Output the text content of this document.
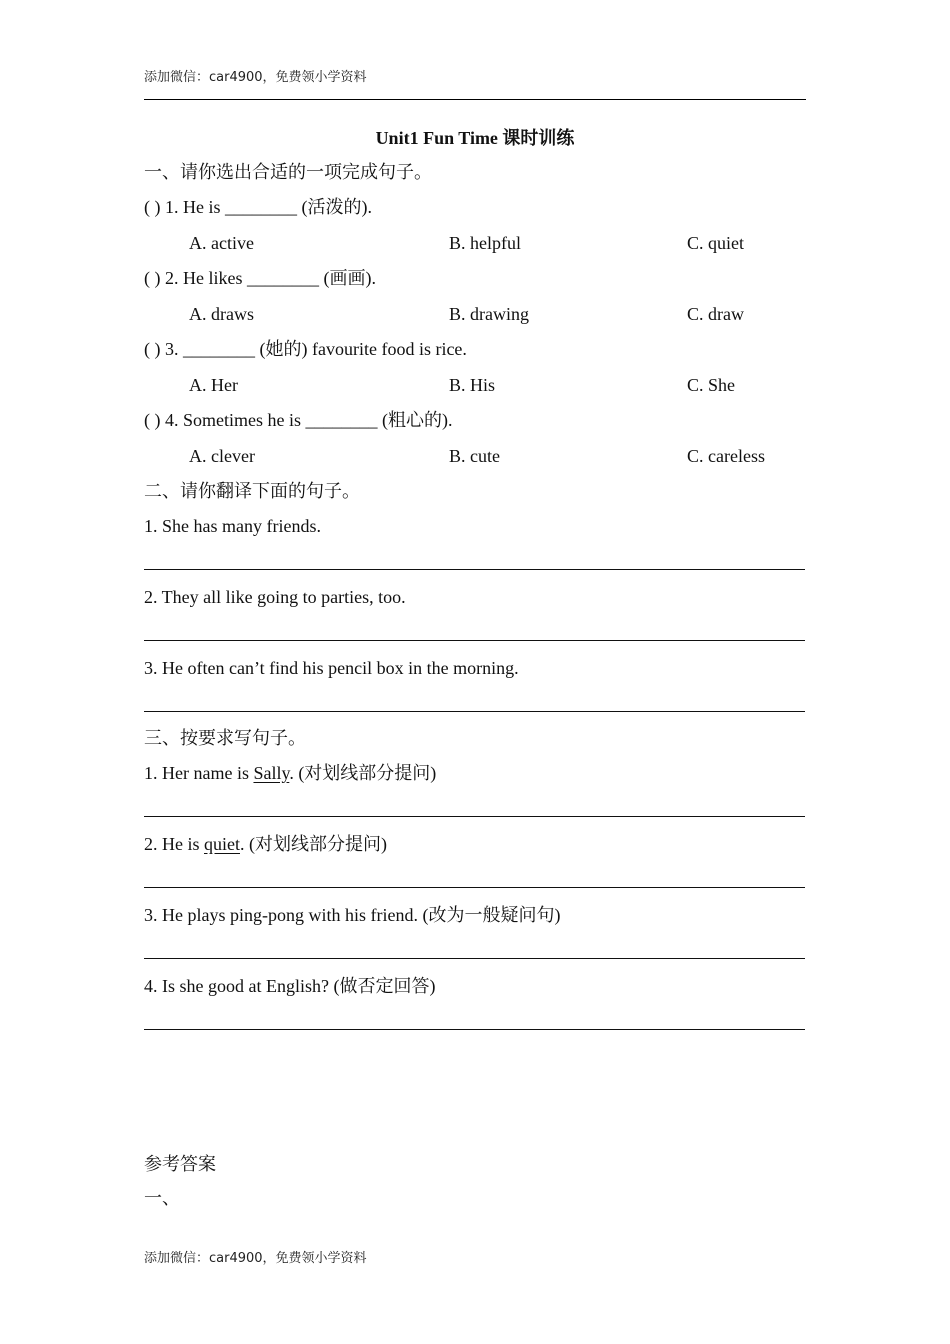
添加微信：car4900，免费领小学资料
Unit1 Fun Time 课时训练
一、请你选出合适的一项完成句子。
( ) 1. He is ________ (活泼的).
A. active	B. helpful	C. quiet
( ) 2. He likes ________ (画画).
A. draws	B. drawing	C. draw
( ) 3. ________ (她的) favourite food is rice.
A. Her	B. His	C. She
( ) 4. Sometimes he is ________ (粗心的).
A. clever	B. cute	C. careless
二、请你翻译下面的句子。
1. She has many friends.
2. They all like going to parties, too.
3. He often can’t find his pencil box in the morning.
三、按要求写句子。
1. Her name is Sally. (对划线部分提问)
2. He is quiet. (对划线部分提问)
3. He plays ping-pong with his friend. (改为一般疑问句)
4. Is she good at English? (做否定回答)
参考答案
一、
添加微信：car4900，免费领小学资料
